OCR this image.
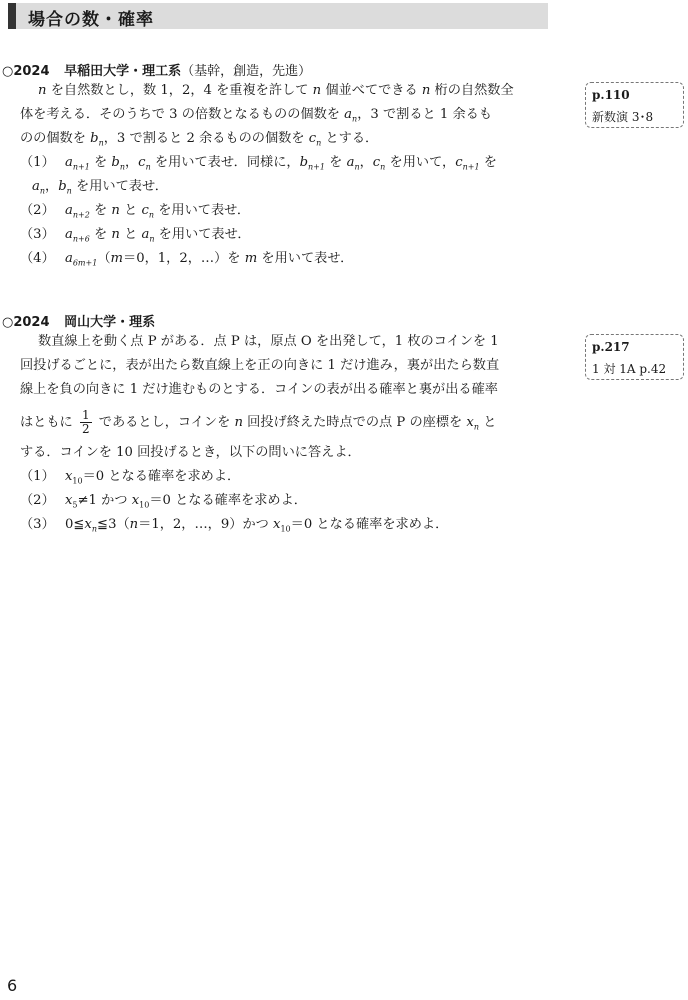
場合の数・確率
○2024 早稲田大学・理工系（基幹，創造，先進）
n を自然数とし，数 1，2，4 を重複を許して n 個並べてできる n 桁の自然数全
体を考える．そのうちで 3 の倍数となるものの個数を $a_n$，3 で割ると 1 余るも
のの個数を $b_n$，3 で割ると 2 余るものの個数を $c_n$ とする．
（1） $a_{n+1}$ を $b_n$，$c_n$ を用いて表せ．同様に，$b_{n+1}$ を $a_n$，$c_n$ を用いて，$c_{n+1}$ を
$a_n$，$b_n$ を用いて表せ．
（2） $a_{n+2}$ を n と $c_n$ を用いて表せ．
（3） $a_{n+6}$ を n と $a_n$ を用いて表せ．
（4） $a_{6m+1}(m=0$，1，2，…）を m を用いて表せ．
p.110
新数演 3･8
○2024 岡山大学・理系
数直線上を動く点 P がある．点 P は，原点 O を出発して，1 枚のコインを 1
回投げるごとに，表が出たら数直線上を正の向きに 1 だけ進み，裏が出たら数直
線上を負の向きに 1 だけ進むものとする．コインの表が出る確率と裏が出る確率
はともに $\frac{1}{2}$ であるとし，コインを n 回投げ終えた時点での点 P の座標を $x_n$ と
する．コインを 10 回投げるとき，以下の問いに答えよ．
（1） $x_{10}=0$ となる確率を求めよ．
（2） $x_5\ne 1$ かつ $x_{10}=0$ となる確率を求めよ．
（3） $0≦x_n≦3(n=1$，2，…，9）かつ $x_{10}=0$ となる確率を求めよ．
p.217
1 対 1A p.42
6
